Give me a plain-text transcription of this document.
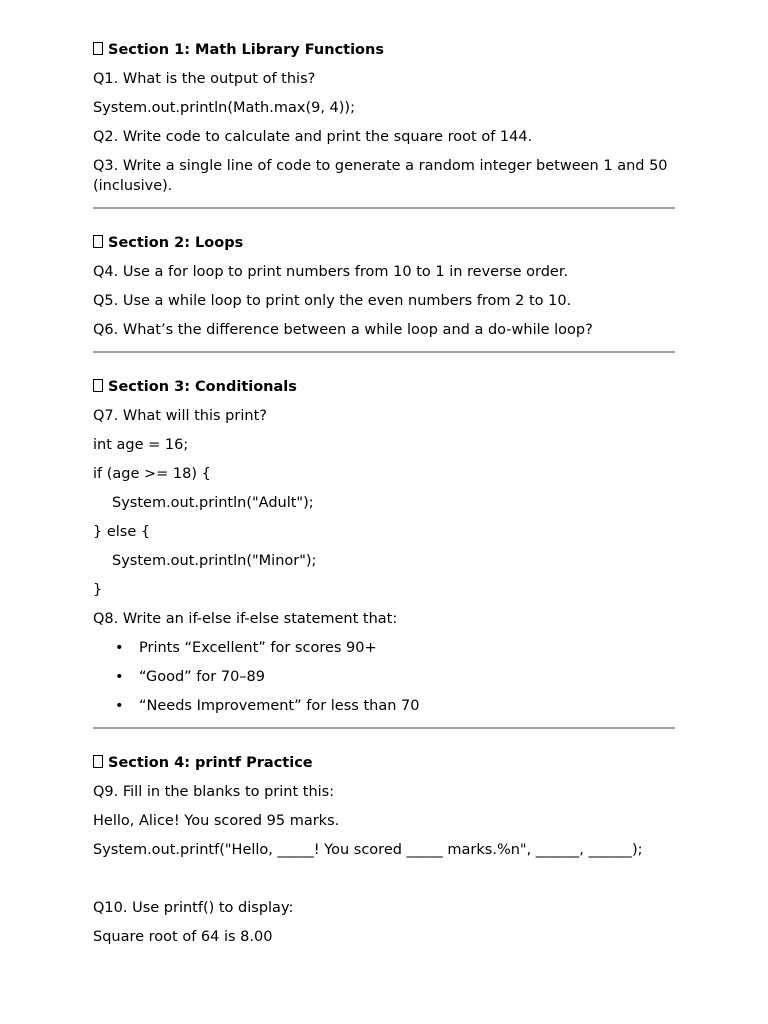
Section 1: Math Library Functions
Q1. What is the output of this?
System.out.println(Math.max(9, 4));
Q2. Write code to calculate and print the square root of 144.
Q3. Write a single line of code to generate a random integer between 1 and 50 (inclusive).
Section 2: Loops
Q4. Use a for loop to print numbers from 10 to 1 in reverse order.
Q5. Use a while loop to print only the even numbers from 2 to 10.
Q6. What’s the difference between a while loop and a do-while loop?
Section 3: Conditionals
Q7. What will this print?
int age = 16;
if (age >= 18) {
System.out.println("Adult");
} else {
System.out.println("Minor");
}
Q8. Write an if-else if-else statement that:
• Prints “Excellent” for scores 90+
• “Good” for 70–89
• “Needs Improvement” for less than 70
Section 4: printf Practice
Q9. Fill in the blanks to print this:
Hello, Alice! You scored 95 marks.
System.out.printf("Hello, _____! You scored _____ marks.%n", ______, ______);
Q10. Use printf() to display:
Square root of 64 is 8.00
